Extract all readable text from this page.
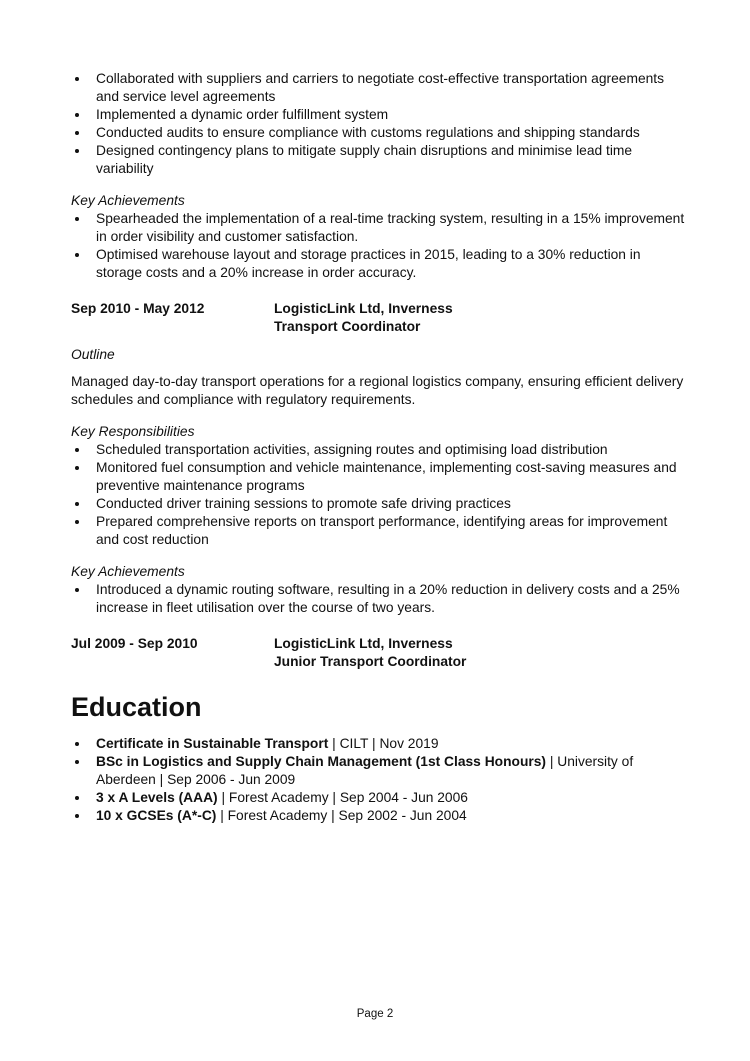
Collaborated with suppliers and carriers to negotiate cost-effective transportation agreements and service level agreements
Implemented a dynamic order fulfillment system
Conducted audits to ensure compliance with customs regulations and shipping standards
Designed contingency plans to mitigate supply chain disruptions and minimise lead time variability
Key Achievements
Spearheaded the implementation of a real-time tracking system, resulting in a 15% improvement in order visibility and customer satisfaction.
Optimised warehouse layout and storage practices in 2015, leading to a 30% reduction in storage costs and a 20% increase in order accuracy.
Sep 2010 - May 2012	LogisticLink Ltd, Inverness
Transport Coordinator
Outline
Managed day-to-day transport operations for a regional logistics company, ensuring efficient delivery schedules and compliance with regulatory requirements.
Key Responsibilities
Scheduled transportation activities, assigning routes and optimising load distribution
Monitored fuel consumption and vehicle maintenance, implementing cost-saving measures and preventive maintenance programs
Conducted driver training sessions to promote safe driving practices
Prepared comprehensive reports on transport performance, identifying areas for improvement and cost reduction
Key Achievements
Introduced a dynamic routing software, resulting in a 20% reduction in delivery costs and a 25% increase in fleet utilisation over the course of two years.
Jul 2009 - Sep 2010	LogisticLink Ltd, Inverness
Junior Transport Coordinator
Education
Certificate in Sustainable Transport | CILT | Nov 2019
BSc in Logistics and Supply Chain Management (1st Class Honours) | University of Aberdeen | Sep 2006 - Jun 2009
3 x A Levels (AAA) | Forest Academy | Sep 2004 - Jun 2006
10 x GCSEs (A*-C) | Forest Academy | Sep 2002 - Jun 2004
Page 2
